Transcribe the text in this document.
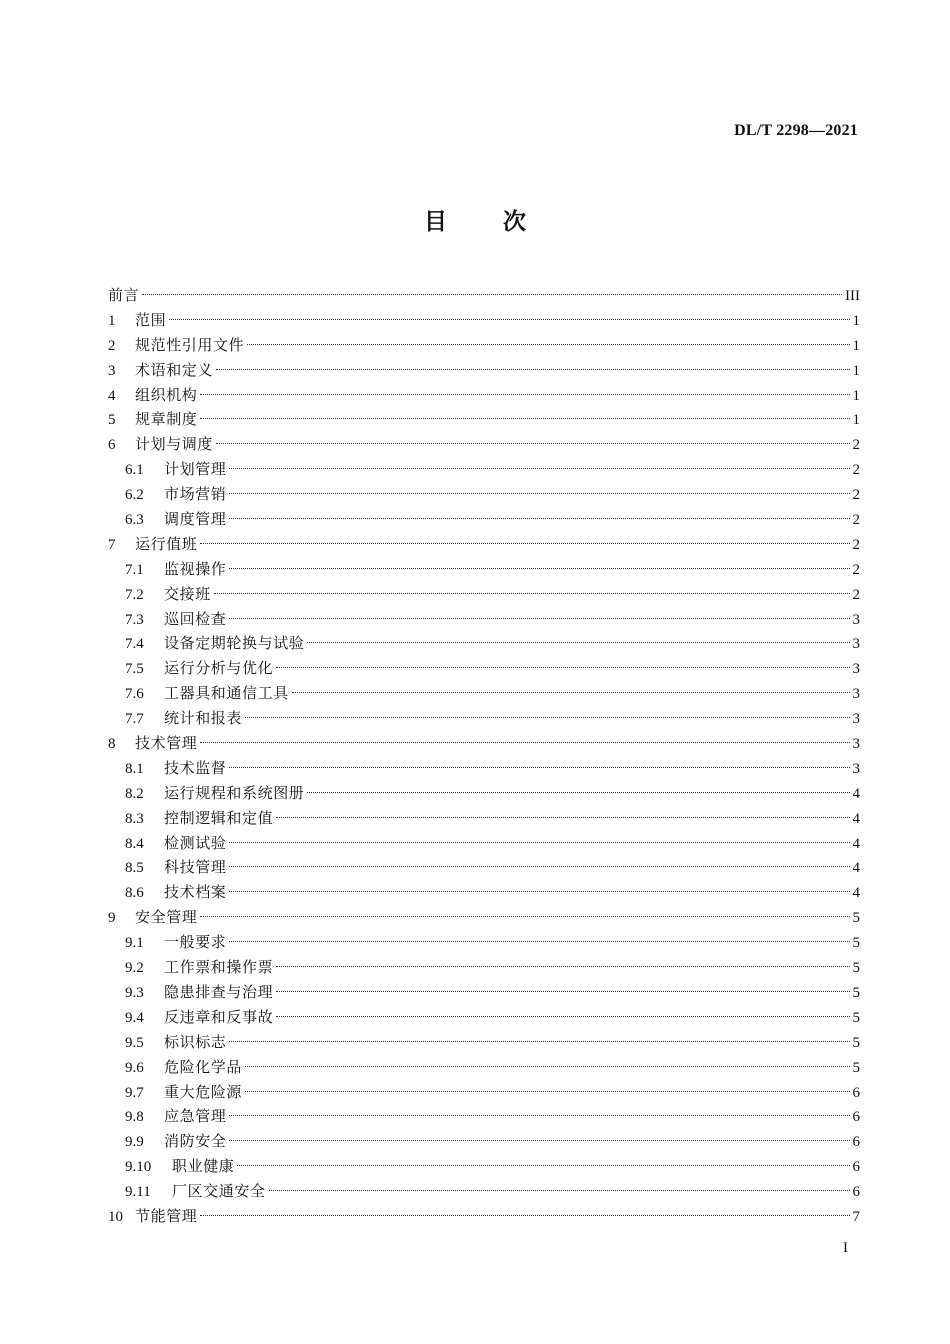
DL/T 2298—2021
目 次
前言	III
1	范围	1
2	规范性引用文件	1
3	术语和定义	1
4	组织机构	1
5	规章制度	1
6	计划与调度	2
6.1	计划管理	2
6.2	市场营销	2
6.3	调度管理	2
7	运行值班	2
7.1	监视操作	2
7.2	交接班	2
7.3	巡回检查	3
7.4	设备定期轮换与试验	3
7.5	运行分析与优化	3
7.6	工器具和通信工具	3
7.7	统计和报表	3
8	技术管理	3
8.1	技术监督	3
8.2	运行规程和系统图册	4
8.3	控制逻辑和定值	4
8.4	检测试验	4
8.5	科技管理	4
8.6	技术档案	4
9	安全管理	5
9.1	一般要求	5
9.2	工作票和操作票	5
9.3	隐患排查与治理	5
9.4	反违章和反事故	5
9.5	标识标志	5
9.6	危险化学品	5
9.7	重大危险源	6
9.8	应急管理	6
9.9	消防安全	6
9.10	职业健康	6
9.11	厂区交通安全	6
10 节能管理	7
I
